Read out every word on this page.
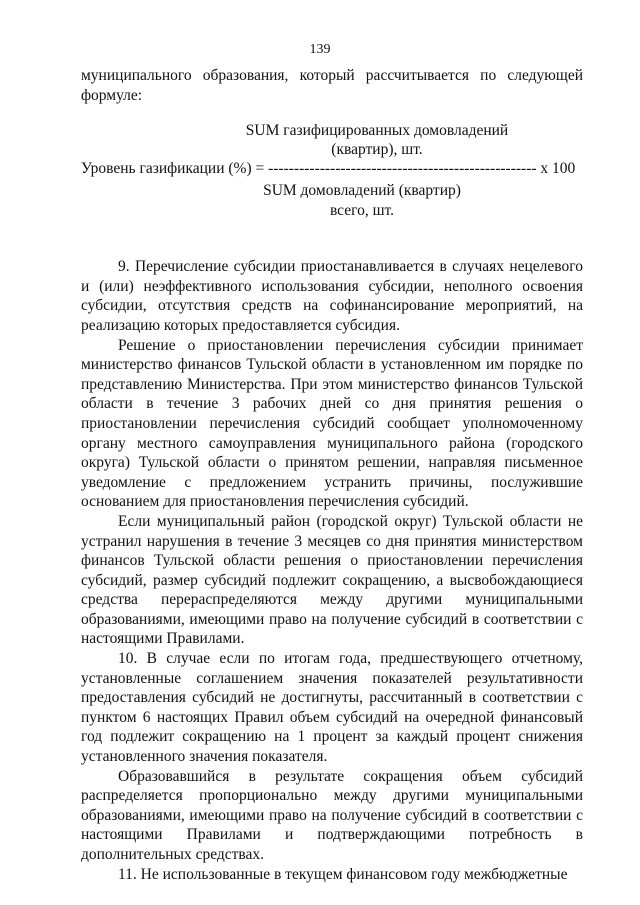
139

муниципального образования, который рассчитывается по следующей формуле:

SUM газифицированных домовладений
(квартир), шт.
Уровень газификации (%) = ---------------------------------------------------- x 100
SUM домовладений (квартир)
всего, шт.

9. Перечисление субсидии приостанавливается в случаях нецелевого и (или) неэффективного использования субсидии, неполного освоения субсидии, отсутствия средств на софинансирование мероприятий, на реализацию которых предоставляется субсидия.

Решение о приостановлении перечисления субсидии принимает министерство финансов Тульской области в установленном им порядке по представлению Министерства. При этом министерство финансов Тульской области в течение 3 рабочих дней со дня принятия решения о приостановлении перечисления субсидий сообщает уполномоченному органу местного самоуправления муниципального района (городского округа) Тульской области о принятом решении, направляя письменное уведомление с предложением устранить причины, послужившие основанием для приостановления перечисления субсидий.

Если муниципальный район (городской округ) Тульской области не устранил нарушения в течение 3 месяцев со дня принятия министерством финансов Тульской области решения о приостановлении перечисления субсидий, размер субсидий подлежит сокращению, а высвобождающиеся средства перераспределяются между другими муниципальными образованиями, имеющими право на получение субсидий в соответствии с настоящими Правилами.

10. В случае если по итогам года, предшествующего отчетному, установленные соглашением значения показателей результативности предоставления субсидий не достигнуты, рассчитанный в соответствии с пунктом 6 настоящих Правил объем субсидий на очередной финансовый год подлежит сокращению на 1 процент за каждый процент снижения установленного значения показателя.

Образовавшийся в результате сокращения объем субсидий распределяется пропорционально между другими муниципальными образованиями, имеющими право на получение субсидий в соответствии с настоящими Правилами и подтверждающими потребность в дополнительных средствах.

11. Не использованные в текущем финансовом году межбюджетные
